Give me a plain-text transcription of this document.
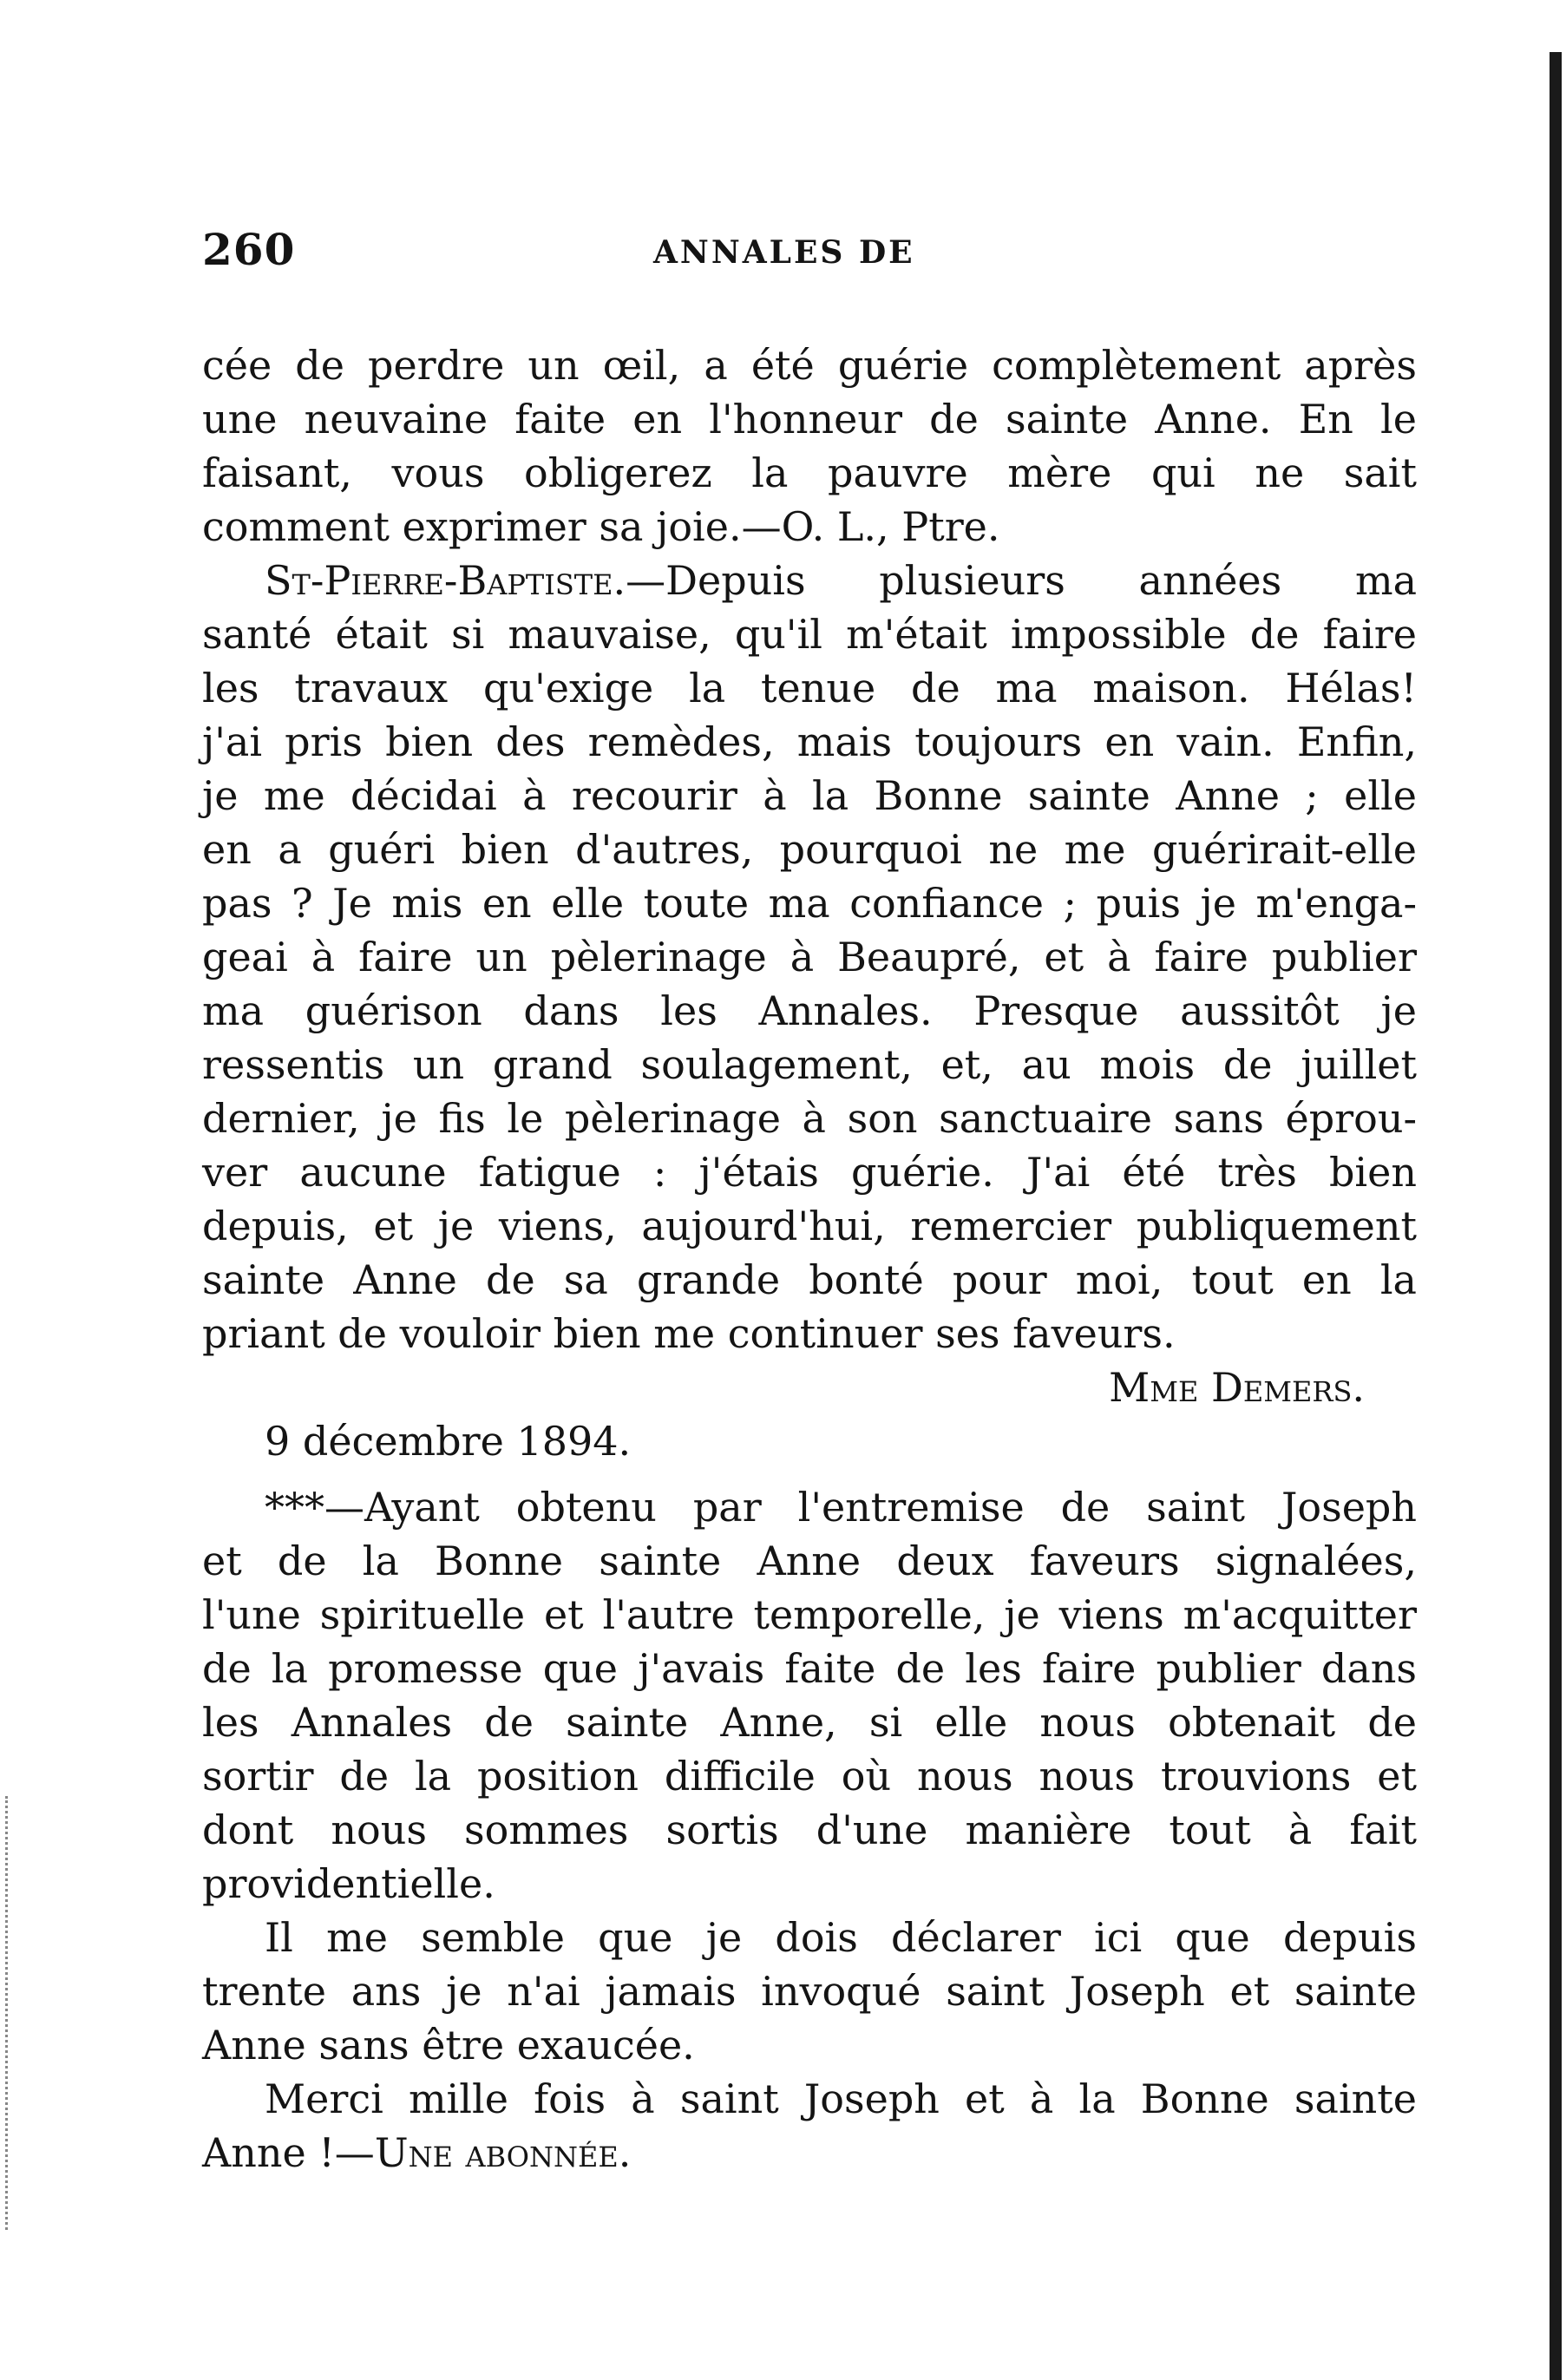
260	ANNALES DE
cée de perdre un œil, a été guérie complètement après
une neuvaine faite en l'honneur de sainte Anne. En le
faisant, vous obligerez la pauvre mère qui ne sait
comment exprimer sa joie.—O. L., Ptre.
St-Pierre-Baptiste.—Depuis plusieurs années ma
santé était si mauvaise, qu'il m'était impossible de faire
les travaux qu'exige la tenue de ma maison. Hélas!
j'ai pris bien des remèdes, mais toujours en vain. Enfin,
je me décidai à recourir à la Bonne sainte Anne ; elle
en a guéri bien d'autres, pourquoi ne me guérirait-elle
pas ? Je mis en elle toute ma confiance ; puis je m'enga-
geai à faire un pèlerinage à Beaupré, et à faire publier
ma guérison dans les Annales. Presque aussitôt je
ressentis un grand soulagement, et, au mois de juillet
dernier, je fis le pèlerinage à son sanctuaire sans éprou-
ver aucune fatigue : j'étais guérie. J'ai été très bien
depuis, et je viens, aujourd'hui, remercier publiquement
sainte Anne de sa grande bonté pour moi, tout en la
priant de vouloir bien me continuer ses faveurs.
Mme Demers.
9 décembre 1894.
***—Ayant obtenu par l'entremise de saint Joseph
et de la Bonne sainte Anne deux faveurs signalées,
l'une spirituelle et l'autre temporelle, je viens m'acquitter
de la promesse que j'avais faite de les faire publier dans
les Annales de sainte Anne, si elle nous obtenait de
sortir de la position difficile où nous nous trouvions et
dont nous sommes sortis d'une manière tout à fait
providentielle.
Il me semble que je dois déclarer ici que depuis
trente ans je n'ai jamais invoqué saint Joseph et sainte
Anne sans être exaucée.
Merci mille fois à saint Joseph et à la Bonne sainte
Anne !—Une abonnée.
